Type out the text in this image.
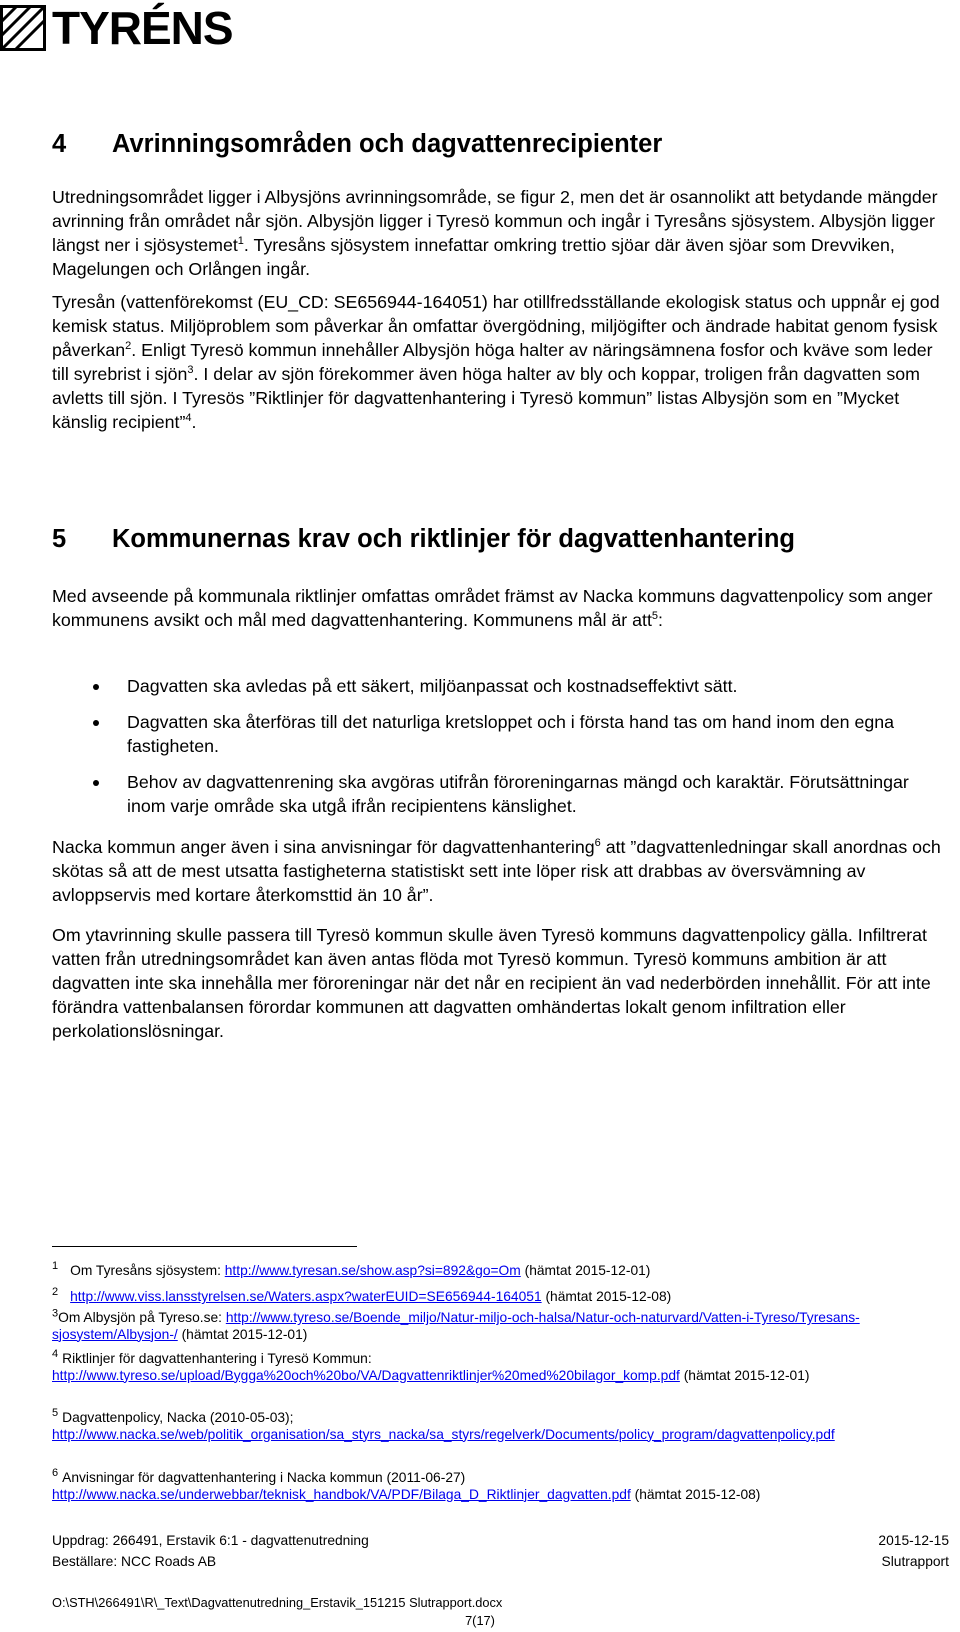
TYRÉNS
4 Avrinningsområden och dagvattenrecipienter

Utredningsområdet ligger i Albysjöns avrinningsområde, se figur 2, men det är osannolikt att betydande mängder avrinning från området når sjön. Albysjön ligger i Tyresö kommun och ingår i Tyresåns sjösystem. Albysjön ligger längst ner i sjösystemet$^1$. Tyresåns sjösystem innefattar omkring trettio sjöar där även sjöar som Drevviken, Magelungen och Orlången ingår.

Tyresån (vattenförekomst (EU_CD: SE656944-164051) har otillfredsställande ekologisk status och uppnår ej god kemisk status. Miljöproblem som påverkar ån omfattar övergödning, miljögifter och ändrade habitat genom fysisk påverkan$^2$. Enligt Tyresö kommun innehåller Albysjön höga halter av näringsämnena fosfor och kväve som leder till syrebrist i sjön$^3$. I delar av sjön förekommer även höga halter av bly och koppar, troligen från dagvatten som avletts till sjön. I Tyresös ”Riktlinjer för dagvattenhantering i Tyresö kommun” listas Albysjön som en ”Mycket känslig recipient”$^4$.

5 Kommunernas krav och riktlinjer för dagvattenhantering

Med avseende på kommunala riktlinjer omfattas området främst av Nacka kommuns dagvattenpolicy som anger kommunens avsikt och mål med dagvattenhantering. Kommunens mål är att$^5$:

Dagvatten ska avledas på ett säkert, miljöanpassat och kostnadseffektivt sätt.
Dagvatten ska återföras till det naturliga kretsloppet och i första hand tas om hand inom den egna fastigheten.
Behov av dagvattenrening ska avgöras utifrån föroreningarnas mängd och karaktär. Förutsättningar inom varje område ska utgå ifrån recipientens känslighet.

Nacka kommun anger även i sina anvisningar för dagvattenhantering$^6$ att ”dagvattenledningar skall anordnas och skötas så att de mest utsatta fastigheterna statistiskt sett inte löper risk att drabbas av översvämning av avloppservis med kortare återkomsttid än 10 år”.

Om ytavrinning skulle passera till Tyresö kommun skulle även Tyresö kommuns dagvattenpolicy gälla. Infiltrerat vatten från utredningsområdet kan även antas flöda mot Tyresö kommun. Tyresö kommuns ambition är att dagvatten inte ska innehålla mer föroreningar när det når en recipient än vad nederbörden innehållit. För att inte förändra vattenbalansen förordar kommunen att dagvatten omhändertas lokalt genom infiltration eller perkolationslösningar.

$^1$ Om Tyresåns sjösystem: http://www.tyresan.se/show.asp?si=892&go=Om (hämtat 2015-12-01)

$^2$ http://www.viss.lansstyrelsen.se/Waters.aspx?waterEUID=SE656944-164051 (hämtat 2015-12-08)

$^3$Om Albysjön på Tyreso.se: http://www.tyreso.se/Boende_miljo/Natur-miljo-och-halsa/Natur-och-naturvard/Vatten-i-Tyreso/Tyresans-sjosystem/Albysjon-/ (hämtat 2015-12-01)

$^4$ Riktlinjer för dagvattenhantering i Tyresö Kommun:
http://www.tyreso.se/upload/Bygga%20och%20bo/VA/Dagvattenriktlinjer%20med%20bilagor_komp.pdf (hämtat 2015-12-01)

$^5$ Dagvattenpolicy, Nacka (2010-05-03);
http://www.nacka.se/web/politik_organisation/sa_styrs_nacka/sa_styrs/regelverk/Documents/policy_program/dagvattenpolicy.pdf

$^6$ Anvisningar för dagvattenhantering i Nacka kommun (2011-06-27)
http://www.nacka.se/underwebbar/teknisk_handbok/VA/PDF/Bilaga_D_Riktlinjer_dagvatten.pdf (hämtat 2015-12-08)

Uppdrag: 266491, Erstavik 6:1 - dagvattenutredning
Beställare: NCC Roads AB
2015-12-15
Slutrapport
O:\STH\266491\R\_Text\Dagvattenutredning_Erstavik_151215 Slutrapport.docx
7(17)
